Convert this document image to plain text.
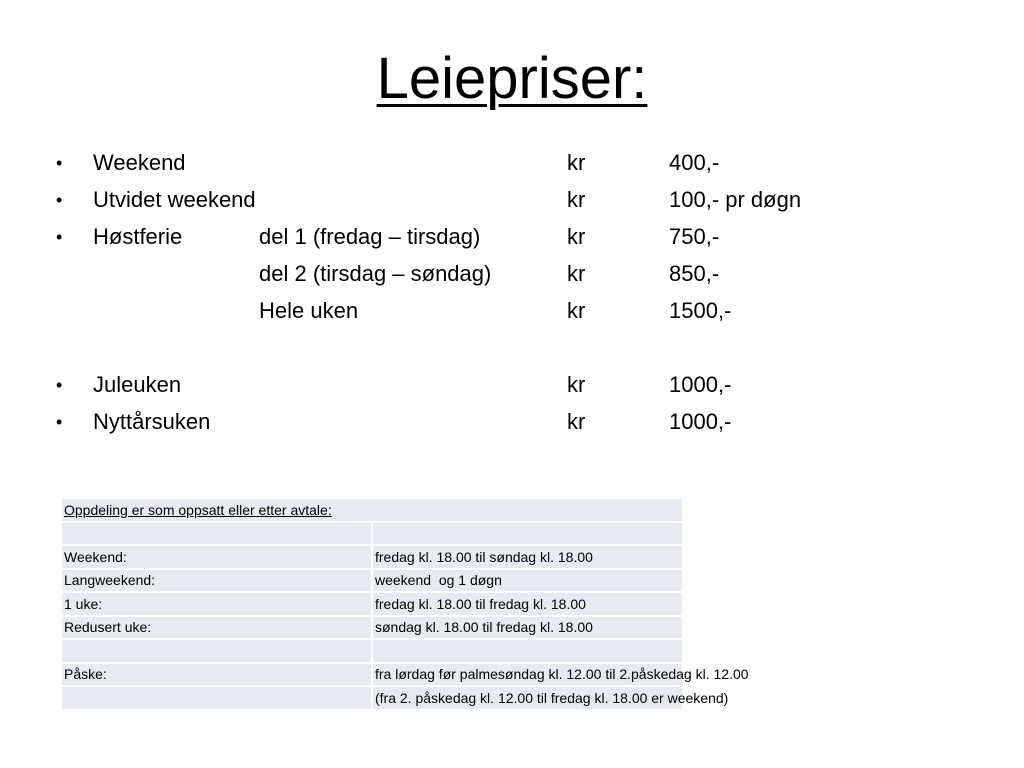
Leiepriser:
• Weekend	kr	400,-
• Utvidet weekend	kr	100,- pr døgn
• Høstferie	del 1 (fredag – tirsdag)	kr	750,-
del 2 (tirsdag – søndag)	kr	850,-
Hele uken	kr	1500,-
• Juleuken	kr	1000,-
• Nyttårsuken	kr	1000,-
Oppdeling er som oppsatt eller etter avtale:	

Weekend:	fredag kl. 18.00 til søndag kl. 18.00
Langweekend:	weekend  og 1 døgn
1 uke:	fredag kl. 18.00 til fredag kl. 18.00
Redusert uke:	søndag kl. 18.00 til fredag kl. 18.00

Påske:	fra lørdag før palmesøndag kl. 12.00 til 2.påskedag kl. 12.00
	(fra 2. påskedag kl. 12.00 til fredag kl. 18.00 er weekend)
